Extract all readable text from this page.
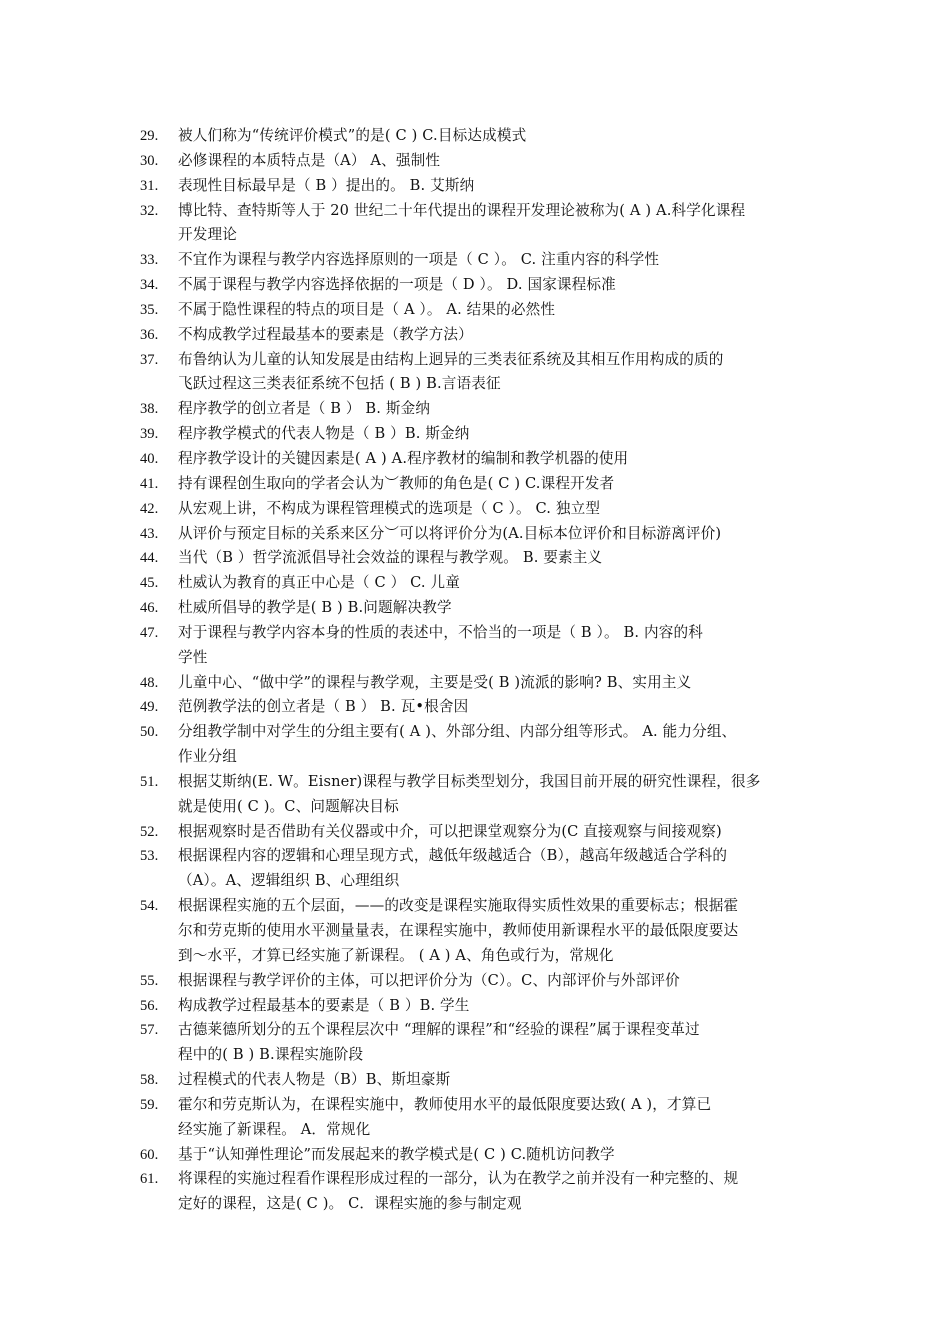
29.	被人们称为“传统评价模式”的是( C ) C.目标达成模式
30.	必修课程的本质特点是（A） A、强制性
31.	表现性目标最早是（ B ）提出的。 B. 艾斯纳
32.	博比特、查特斯等人于 20 世纪二十年代提出的课程开发理论被称为( A ) A.科学化课程
开发理论
33.	不宜作为课程与教学内容选择原则的一项是（ C ）。 C. 注重内容的科学性
34.	不属于课程与教学内容选择依据的一项是（ D ）。 D. 国家课程标准
35.	不属于隐性课程的特点的项目是（ A ）。 A. 结果的必然性
36.	不构成教学过程最基本的要素是（教学方法）
37.	布鲁纳认为儿童的认知发展是由结构上迥异的三类表征系统及其相互作用构成的质的
飞跃过程这三类表征系统不包括 ( B ) B.言语表征
38.	程序教学的创立者是（ B ） B. 斯金纳
39.	程序教学模式的代表人物是（ B ）B. 斯金纳
40.	程序教学设计的关键因素是( A ) A.程序教材的编制和教学机器的使用
41.	持有课程创生取向的学者会认为︶教师的角色是( C ) C.课程开发者
42.	从宏观上讲，不构成为课程管理模式的选项是（ C ）。 C. 独立型
43.	从评价与预定目标的关系来区分︶可以将评价分为(A.目标本位评价和目标游离评价)
44.	当代（B ）哲学流派倡导社会效益的课程与教学观。 B. 要素主义
45.	杜威认为教育的真正中心是（ C ） C. 儿童
46.	杜威所倡导的教学是( B ) B.问题解决教学
47.	对于课程与教学内容本身的性质的表述中，不恰当的一项是（ B ）。 B. 内容的科
学性
48.	儿童中心、“做中学”的课程与教学观，主要是受( B )流派的影响? B、实用主义
49.	范例教学法的创立者是（ B ） B. 瓦•根舍因
50.	分组教学制中对学生的分组主要有( A )、外部分组、内部分组等形式。 A. 能力分组、
作业分组
51.	根据艾斯纳(E. W。Eisner)课程与教学目标类型划分，我国目前开展的研究性课程，很多
就是使用( C )。C、问题解决目标
52.	根据观察时是否借助有关仪器或中介，可以把课堂观察分为(C 直接观察与间接观察)
53.	根据课程内容的逻辑和心理呈现方式，越低年级越适合（B），越高年级越适合学科的
（A）。A、逻辑组织 B、心理组织
54.	根据课程实施的五个层面，——的改变是课程实施取得实质性效果的重要标志；根据霍
尔和劳克斯的使用水平测量量表，在课程实施中，教师使用新课程水平的最低限度要达
到～水平，才算已经实施了新课程。 ( A ) A、角色或行为，常规化
55.	根据课程与教学评价的主体，可以把评价分为（C）。C、内部评价与外部评价
56.	构成教学过程最基本的要素是（ B ）B. 学生
57.	古德莱德所划分的五个课程层次中 “理解的课程”和“经验的课程”属于课程变革过
程中的( B ) B.课程实施阶段
58.	过程模式的代表人物是（B）B、斯坦豪斯
59.	霍尔和劳克斯认为，在课程实施中，教师使用水平的最低限度要达致( A )，才算已
经实施了新课程。 A．常规化
60.	基于“认知弹性理论”而发展起来的教学模式是( C ) C.随机访问教学
61.	将课程的实施过程看作课程形成过程的一部分，认为在教学之前并没有一种完整的、规
定好的课程，这是( C )。 C．课程实施的参与制定观
